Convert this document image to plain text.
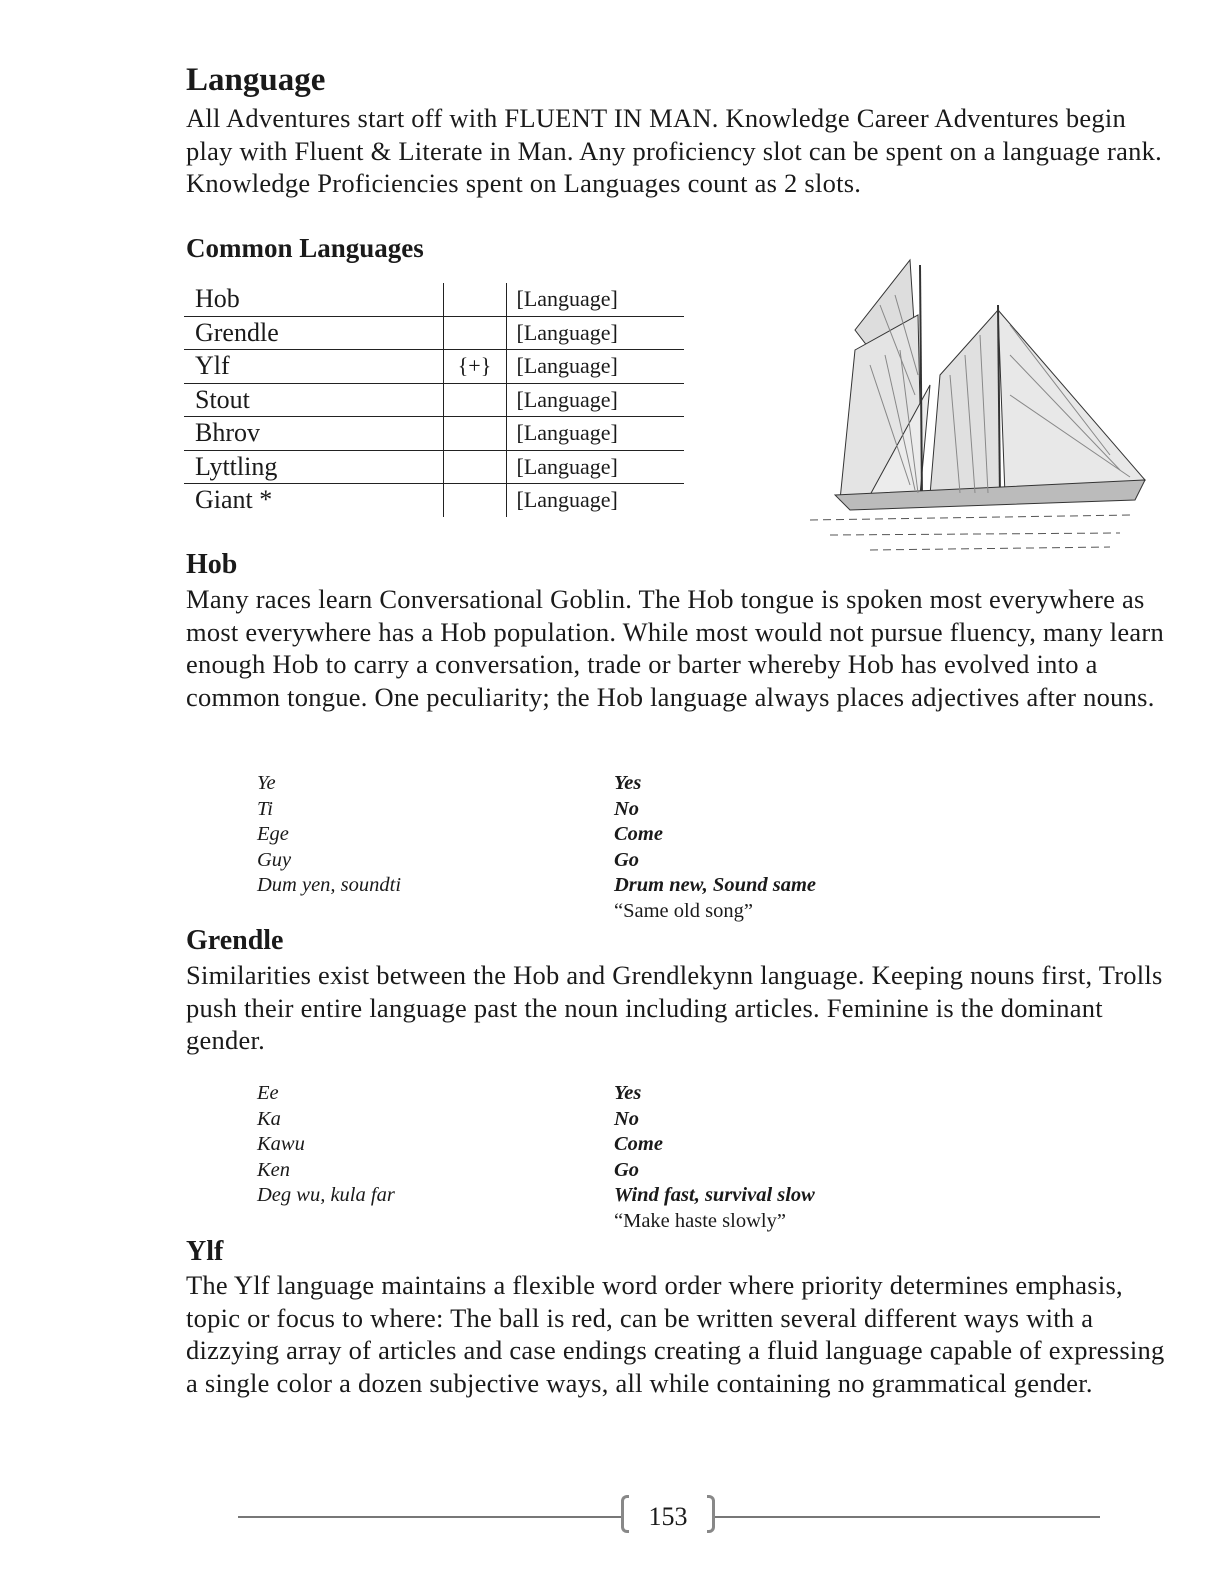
Language

All Adventures start off with FLUENT IN MAN. Knowledge Career Adventures begin play with Fluent & Literate in Man. Any proficiency slot can be spent on a language rank. Knowledge Proficiencies spent on Languages count as 2 slots.

Common Languages
Hob		[Language]
Grendle		[Language]
Ylf	{+}	[Language]
Stout		[Language]
Bhrov		[Language]
Lyttling		[Language]
Giant *		[Language]
Hob

Many races learn Conversational Goblin. The Hob tongue is spoken most everywhere as most everywhere has a Hob population. While most would not pursue fluency, many learn enough Hob to carry a conversation, trade or barter whereby Hob has evolved into a common tongue. One peculiarity; the Hob language always places adjectives after nouns.

Ye	Yes
Ti	No
Ege	Come
Guy	Go
Dum yen, soundti	Drum new, Sound same
“Same old song”
Grendle

Similarities exist between the Hob and Grendlekynn language. Keeping nouns first, Trolls push their entire language past the noun including articles. Feminine is the dominant gender.

Ee	Yes
Ka	No
Kawu	Come
Ken	Go
Deg wu, kula far	Wind fast, survival slow
“Make haste slowly”
Ylf

The Ylf language maintains a flexible word order where priority determines emphasis, topic or focus to where: The ball is red, can be written several different ways with a dizzying array of articles and case endings creating a fluid language capable of expressing a single color a dozen subjective ways, all while containing no grammatical gender.

153
